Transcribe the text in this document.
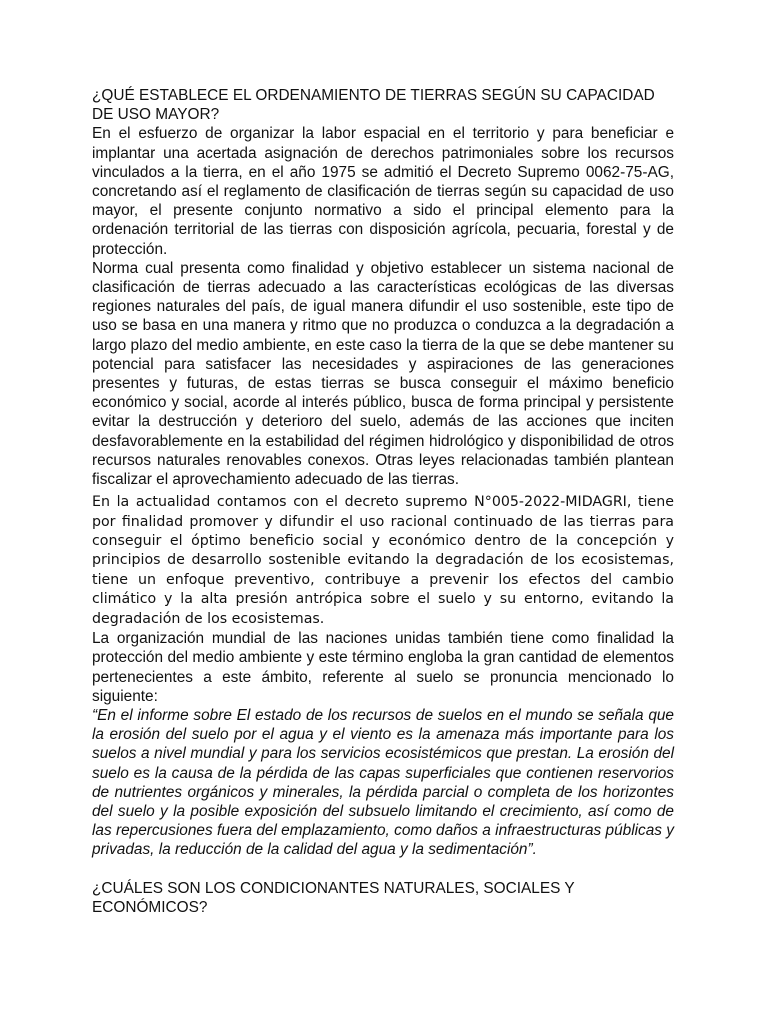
¿QUÉ ESTABLECE EL ORDENAMIENTO DE TIERRAS SEGÚN SU CAPACIDAD DE USO MAYOR?

En el esfuerzo de organizar la labor espacial en el territorio y para beneficiar e implantar una acertada asignación de derechos patrimoniales sobre los recursos vinculados a la tierra, en el año 1975 se admitió el Decreto Supremo 0062-75-AG, concretando así el reglamento de clasificación de tierras según su capacidad de uso mayor, el presente conjunto normativo a sido el principal elemento para la ordenación territorial de las tierras con disposición agrícola, pecuaria, forestal y de protección.

Norma cual presenta como finalidad y objetivo establecer un sistema nacional de clasificación de tierras adecuado a las características ecológicas de las diversas regiones naturales del país, de igual manera difundir el uso sostenible, este tipo de uso se basa en una manera y ritmo que no produzca o conduzca a la degradación a largo plazo del medio ambiente, en este caso la tierra de la que se debe mantener su potencial para satisfacer las necesidades y aspiraciones de las generaciones presentes y futuras, de estas tierras se busca conseguir el máximo beneficio económico y social, acorde al interés público, busca de forma principal y persistente evitar la destrucción y deterioro del suelo, además de las acciones que inciten desfavorablemente en la estabilidad del régimen hidrológico y disponibilidad de otros recursos naturales renovables conexos. Otras leyes relacionadas también plantean fiscalizar el aprovechamiento adecuado de las tierras.

En la actualidad contamos con el decreto supremo N°005-2022-MIDAGRI, tiene por finalidad promover y difundir el uso racional continuado de las tierras para conseguir el óptimo beneficio social y económico dentro de la concepción y principios de desarrollo sostenible evitando la degradación de los ecosistemas, tiene un enfoque preventivo, contribuye a prevenir los efectos del cambio climático y la alta presión antrópica sobre el suelo y su entorno, evitando la degradación de los ecosistemas.

La organización mundial de las naciones unidas también tiene como finalidad la protección del medio ambiente y este término engloba la gran cantidad de elementos pertenecientes a este ámbito, referente al suelo se pronuncia mencionado lo siguiente:

“En el informe sobre El estado de los recursos de suelos en el mundo se señala que la erosión del suelo por el agua y el viento es la amenaza más importante para los suelos a nivel mundial y para los servicios ecosistémicos que prestan. La erosión del suelo es la causa de la pérdida de las capas superficiales que contienen reservorios de nutrientes orgánicos y minerales, la pérdida parcial o completa de los horizontes del suelo y la posible exposición del subsuelo limitando el crecimiento, así como de las repercusiones fuera del emplazamiento, como daños a infraestructuras públicas y privadas, la reducción de la calidad del agua y la sedimentación”.

¿CUÁLES SON LOS CONDICIONANTES NATURALES, SOCIALES Y ECONÓMICOS?
